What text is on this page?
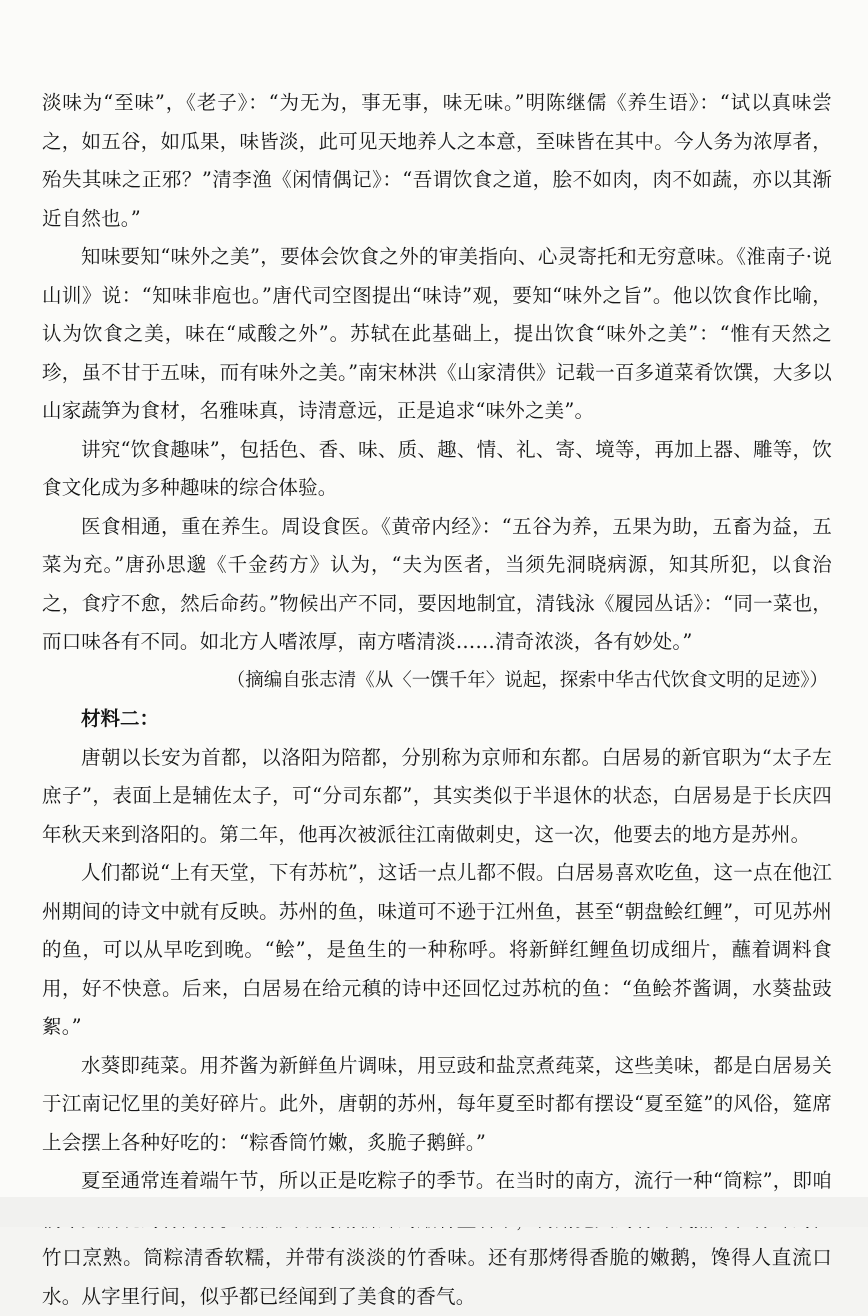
淡味为“至味”，《老子》：“为无为，事无事，味无味。”明陈继儒《养生语》：“试以真味尝之，如五谷，如瓜果，味皆淡，此可见天地养人之本意，至味皆在其中。今人务为浓厚者，殆失其味之正邪？”清李渔《闲情偶记》：“吾谓饮食之道，脍不如肉，肉不如蔬，亦以其渐近自然也。”

知味要知“味外之美”，要体会饮食之外的审美指向、心灵寄托和无穷意味。《淮南子·说山训》说：“知味非庖也。”唐代司空图提出“味诗”观，要知“味外之旨”。他以饮食作比喻，认为饮食之美，味在“咸酸之外”。苏轼在此基础上，提出饮食“味外之美”：“惟有天然之珍，虽不甘于五味，而有味外之美。”南宋林洪《山家清供》记载一百多道菜肴饮馔，大多以山家蔬笋为食材，名雅味真，诗清意远，正是追求“味外之美”。

讲究“饮食趣味”，包括色、香、味、质、趣、情、礼、寄、境等，再加上器、雕等，饮食文化成为多种趣味的综合体验。

医食相通，重在养生。周设食医。《黄帝内经》：“五谷为养，五果为助，五畜为益，五菜为充。”唐孙思邈《千金药方》认为，“夫为医者，当须先洞晓病源，知其所犯，以食治之，食疗不愈，然后命药。”物候出产不同，要因地制宜，清钱泳《履园丛话》：“同一菜也，而口味各有不同。如北方人嗜浓厚，南方嗜清淡……清奇浓淡，各有妙处。”

（摘编自张志清《从〈一馔千年〉说起，探索中华古代饮食文明的足迹》）

材料二：

唐朝以长安为首都，以洛阳为陪都，分别称为京师和东都。白居易的新官职为“太子左庶子”，表面上是辅佐太子，可“分司东都”，其实类似于半退休的状态，白居易是于长庆四年秋天来到洛阳的。第二年，他再次被派往江南做刺史，这一次，他要去的地方是苏州。

人们都说“上有天堂，下有苏杭”，这话一点儿都不假。白居易喜欢吃鱼，这一点在他江州期间的诗文中就有反映。苏州的鱼，味道可不逊于江州鱼，甚至“朝盘鲙红鲤”，可见苏州的鱼，可以从早吃到晚。“鲙”，是鱼生的一种称呼。将新鲜红鲤鱼切成细片，蘸着调料食用，好不快意。后来，白居易在给元稹的诗中还回忆过苏杭的鱼：“鱼鲙芥酱调，水葵盐豉絮。”

水葵即莼菜。用芥酱为新鲜鱼片调味，用豆豉和盐烹煮莼菜，这些美味，都是白居易关于江南记忆里的美好碎片。此外，唐朝的苏州，每年夏至时都有摆设“夏至筵”的风俗，筵席上会摆上各种好吃的：“粽香筒竹嫩，炙脆子鹅鲜。”

夏至通常连着端午节，所以正是吃粽子的季节。在当时的南方，流行一种“筒粽”，即咱 竹口烹熟。筒粽清香软糯，并带有淡淡的竹香味。还有那烤得香脆的嫩鹅，馋得人直流口水。从字里行间，似乎都已经闻到了美食的香气。
